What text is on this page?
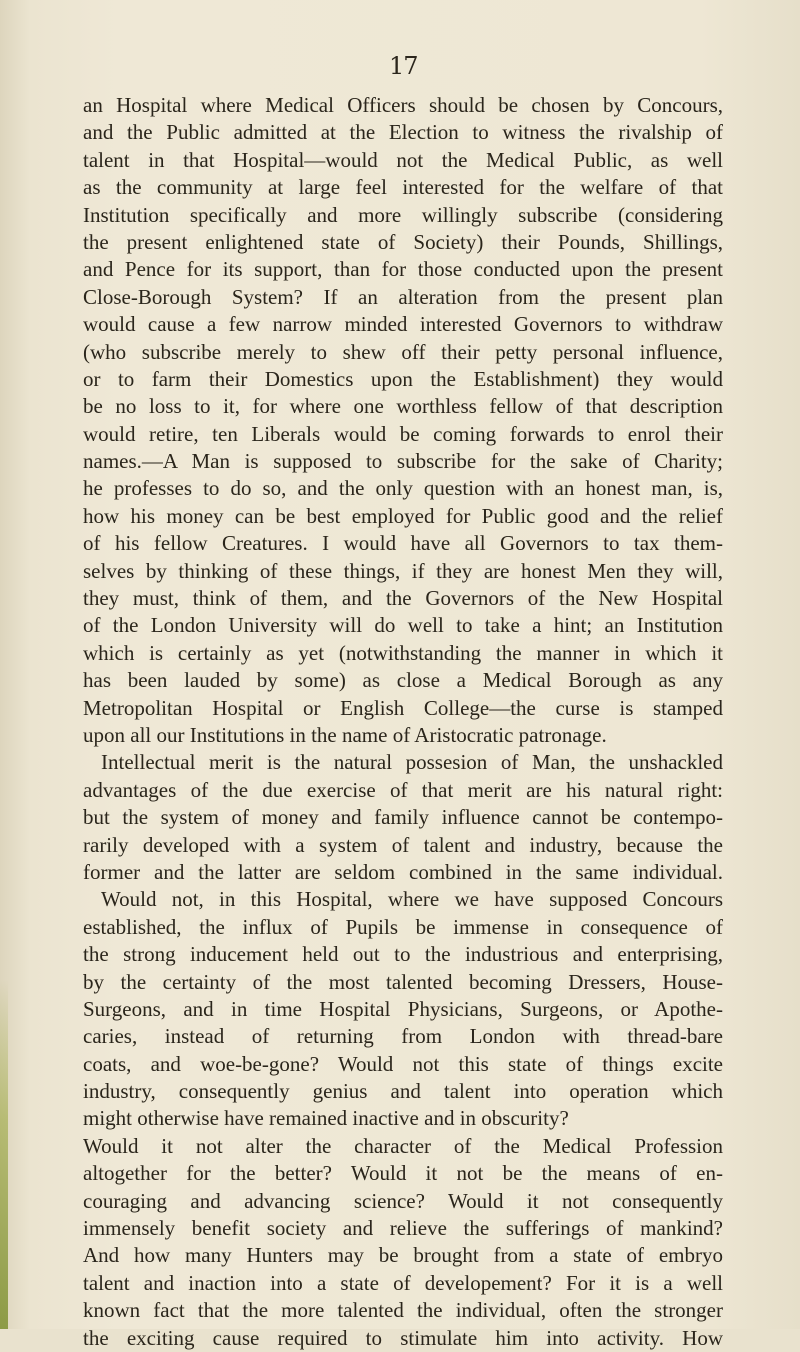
17
an Hospital where Medical Officers should be chosen by Concours,
and the Public admitted at the Election to witness the rivalship of
talent in that Hospital—would not the Medical Public, as well
as the community at large feel interested for the welfare of that
Institution specifically and more willingly subscribe (considering
the present enlightened state of Society) their Pounds, Shillings,
and Pence for its support, than for those conducted upon the present
Close-Borough System? If an alteration from the present plan
would cause a few narrow minded interested Governors to withdraw
(who subscribe merely to shew off their petty personal influence,
or to farm their Domestics upon the Establishment) they would
be no loss to it, for where one worthless fellow of that description
would retire, ten Liberals would be coming forwards to enrol their
names.—A Man is supposed to subscribe for the sake of Charity;
he professes to do so, and the only question with an honest man, is,
how his money can be best employed for Public good and the relief
of his fellow Creatures. I would have all Governors to tax them-
selves by thinking of these things, if they are honest Men they will,
they must, think of them, and the Governors of the New Hospital
of the London University will do well to take a hint; an Institution
which is certainly as yet (notwithstanding the manner in which it
has been lauded by some) as close a Medical Borough as any
Metropolitan Hospital or English College—the curse is stamped
upon all our Institutions in the name of Aristocratic patronage.
Intellectual merit is the natural possesion of Man, the unshackled
advantages of the due exercise of that merit are his natural right:
but the system of money and family influence cannot be contempo-
rarily developed with a system of talent and industry, because the
former and the latter are seldom combined in the same individual.
Would not, in this Hospital, where we have supposed Concours
established, the influx of Pupils be immense in consequence of
the strong inducement held out to the industrious and enterprising,
by the certainty of the most talented becoming Dressers, House-
Surgeons, and in time Hospital Physicians, Surgeons, or Apothe-
caries, instead of returning from London with thread-bare
coats, and woe-be-gone? Would not this state of things excite
industry, consequently genius and talent into operation which
might otherwise have remained inactive and in obscurity?
Would it not alter the character of the Medical Profession
altogether for the better? Would it not be the means of en-
couraging and advancing science? Would it not consequently
immensely benefit society and relieve the sufferings of mankind?
And how many Hunters may be brought from a state of embryo
talent and inaction into a state of developement? For it is a well
known fact that the more talented the individual, often the stronger
the exciting cause required to stimulate him into activity. How
